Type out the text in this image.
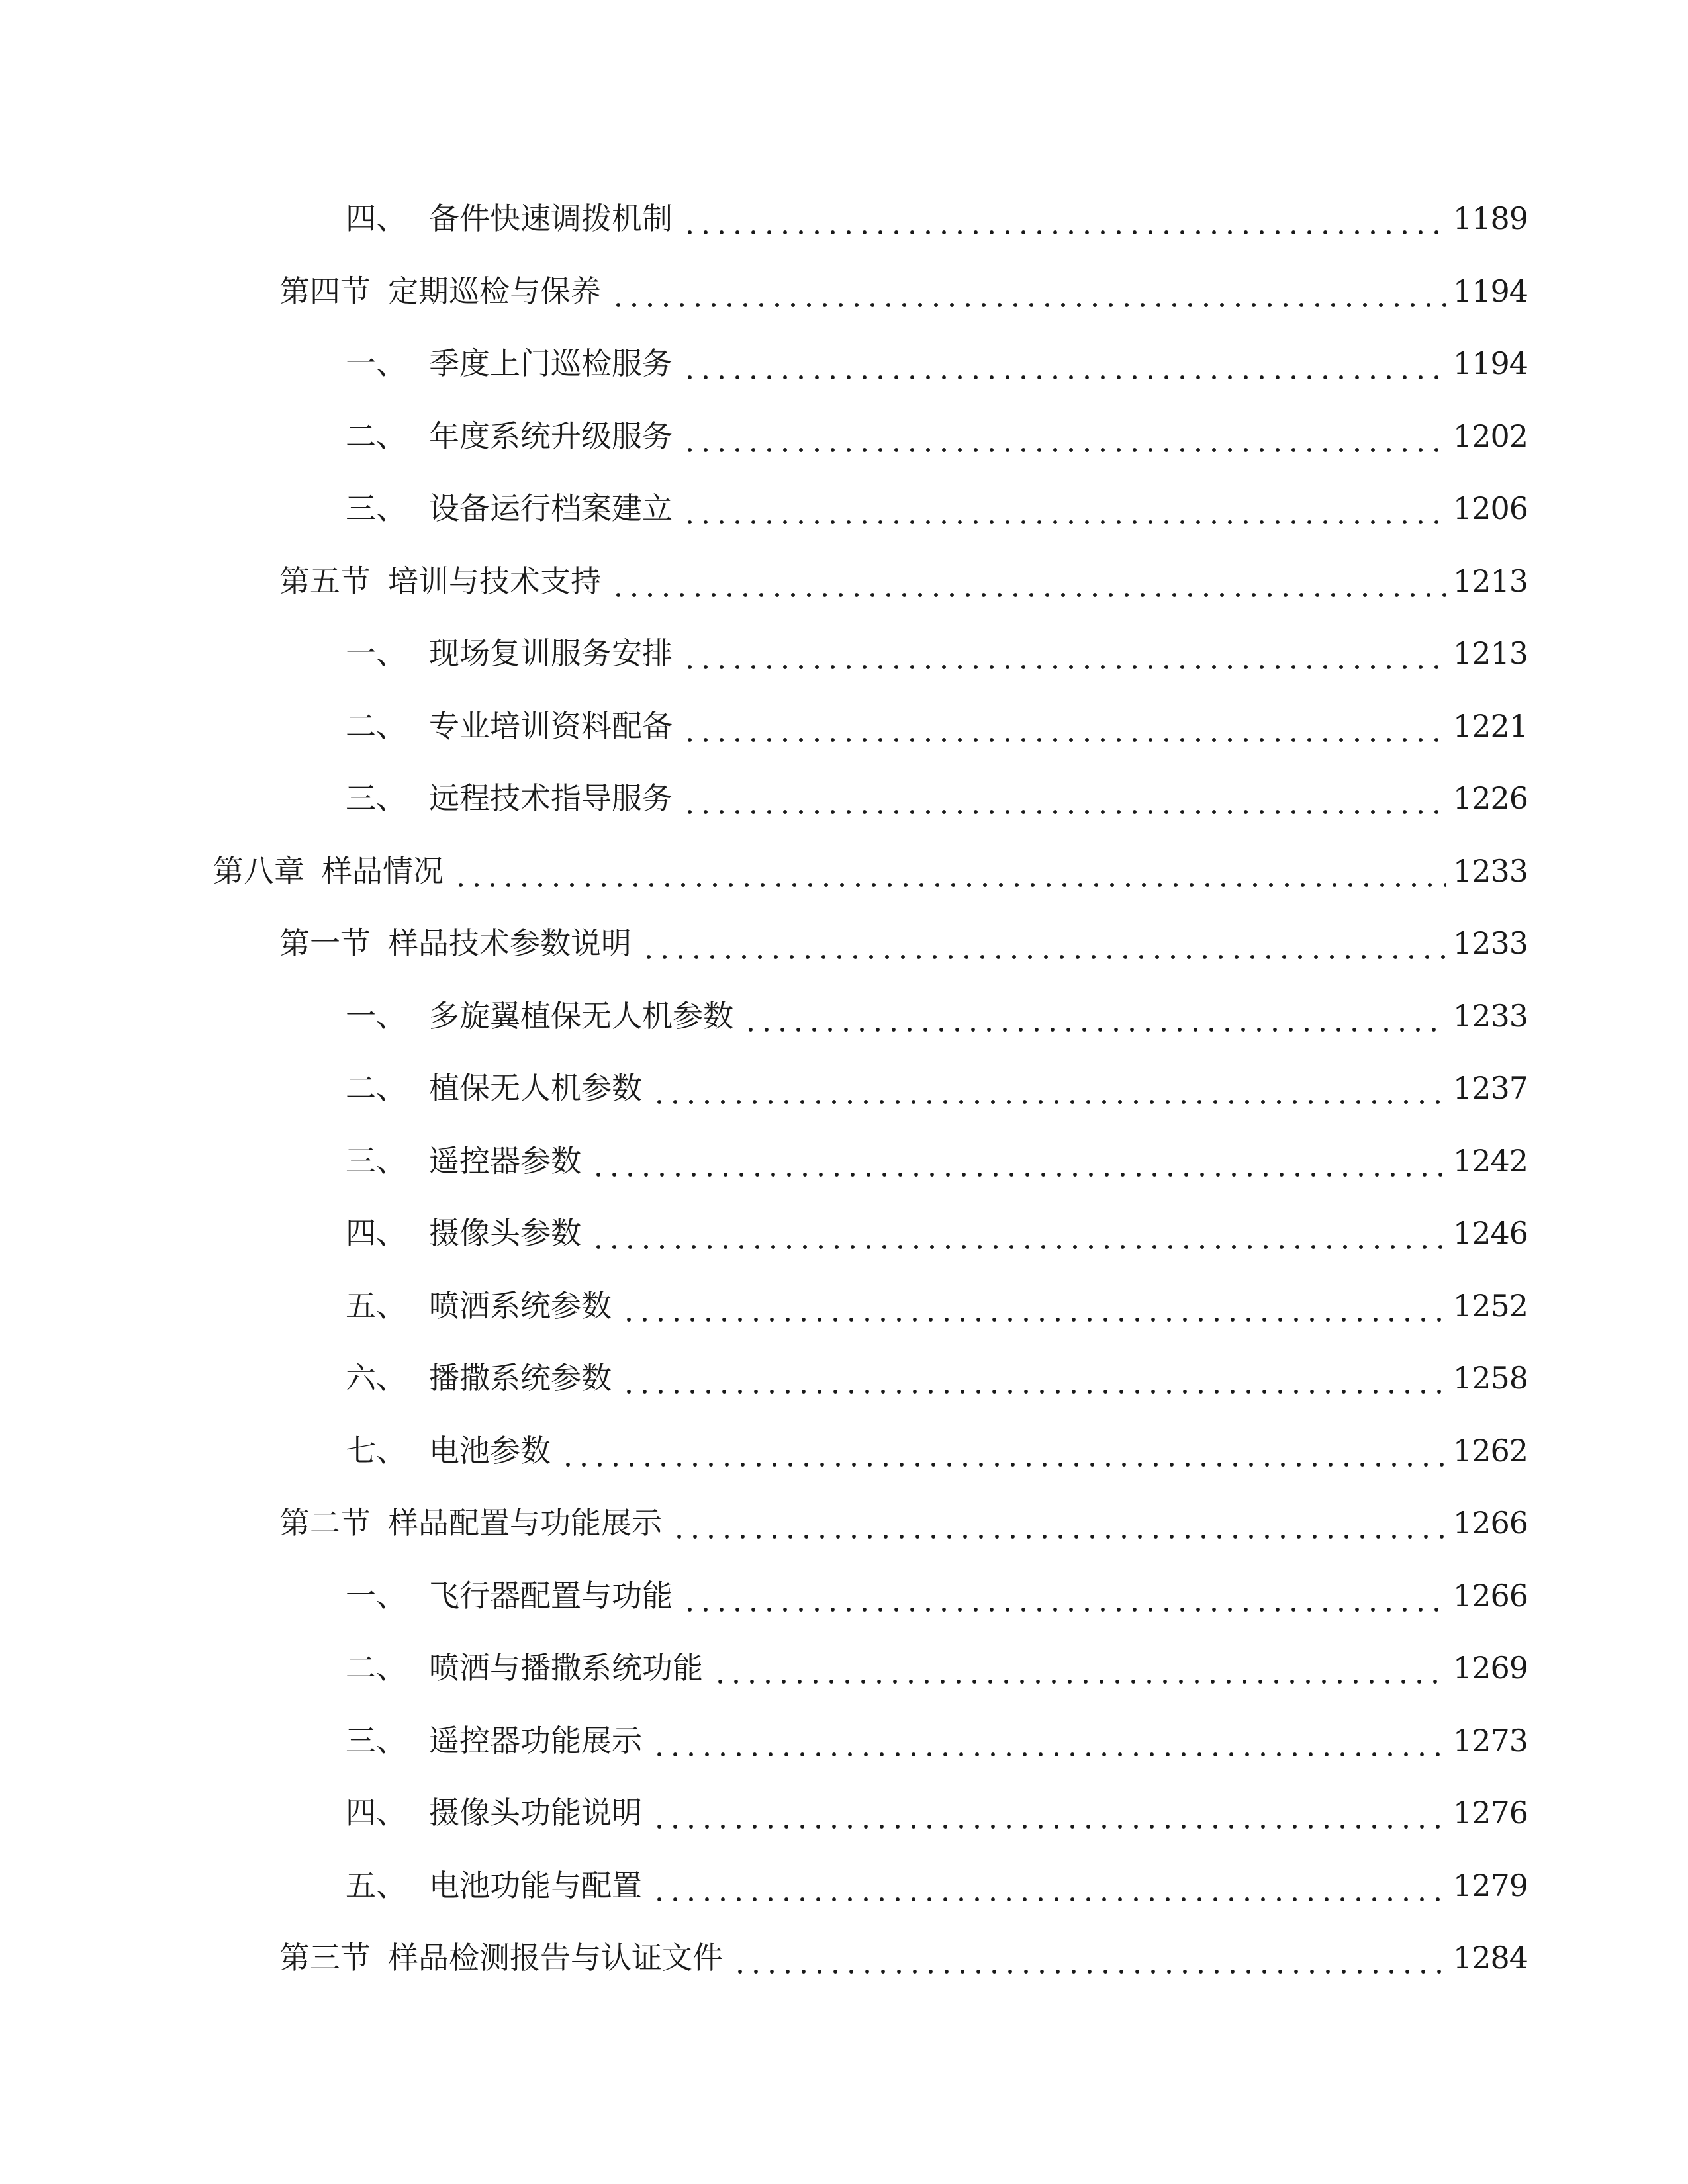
四、 备件快速调拨机制	1189
第四节 定期巡检与保养	1194
一、 季度上门巡检服务	1194
二、 年度系统升级服务	1202
三、 设备运行档案建立	1206
第五节 培训与技术支持	1213
一、 现场复训服务安排	1213
二、 专业培训资料配备	1221
三、 远程技术指导服务	1226
第八章 样品情况	1233
第一节 样品技术参数说明	1233
一、 多旋翼植保无人机参数	1233
二、 植保无人机参数	1237
三、 遥控器参数	1242
四、 摄像头参数	1246
五、 喷洒系统参数	1252
六、 播撒系统参数	1258
七、 电池参数	1262
第二节 样品配置与功能展示	1266
一、 飞行器配置与功能	1266
二、 喷洒与播撒系统功能	1269
三、 遥控器功能展示	1273
四、 摄像头功能说明	1276
五、 电池功能与配置	1279
第三节 样品检测报告与认证文件	1284
